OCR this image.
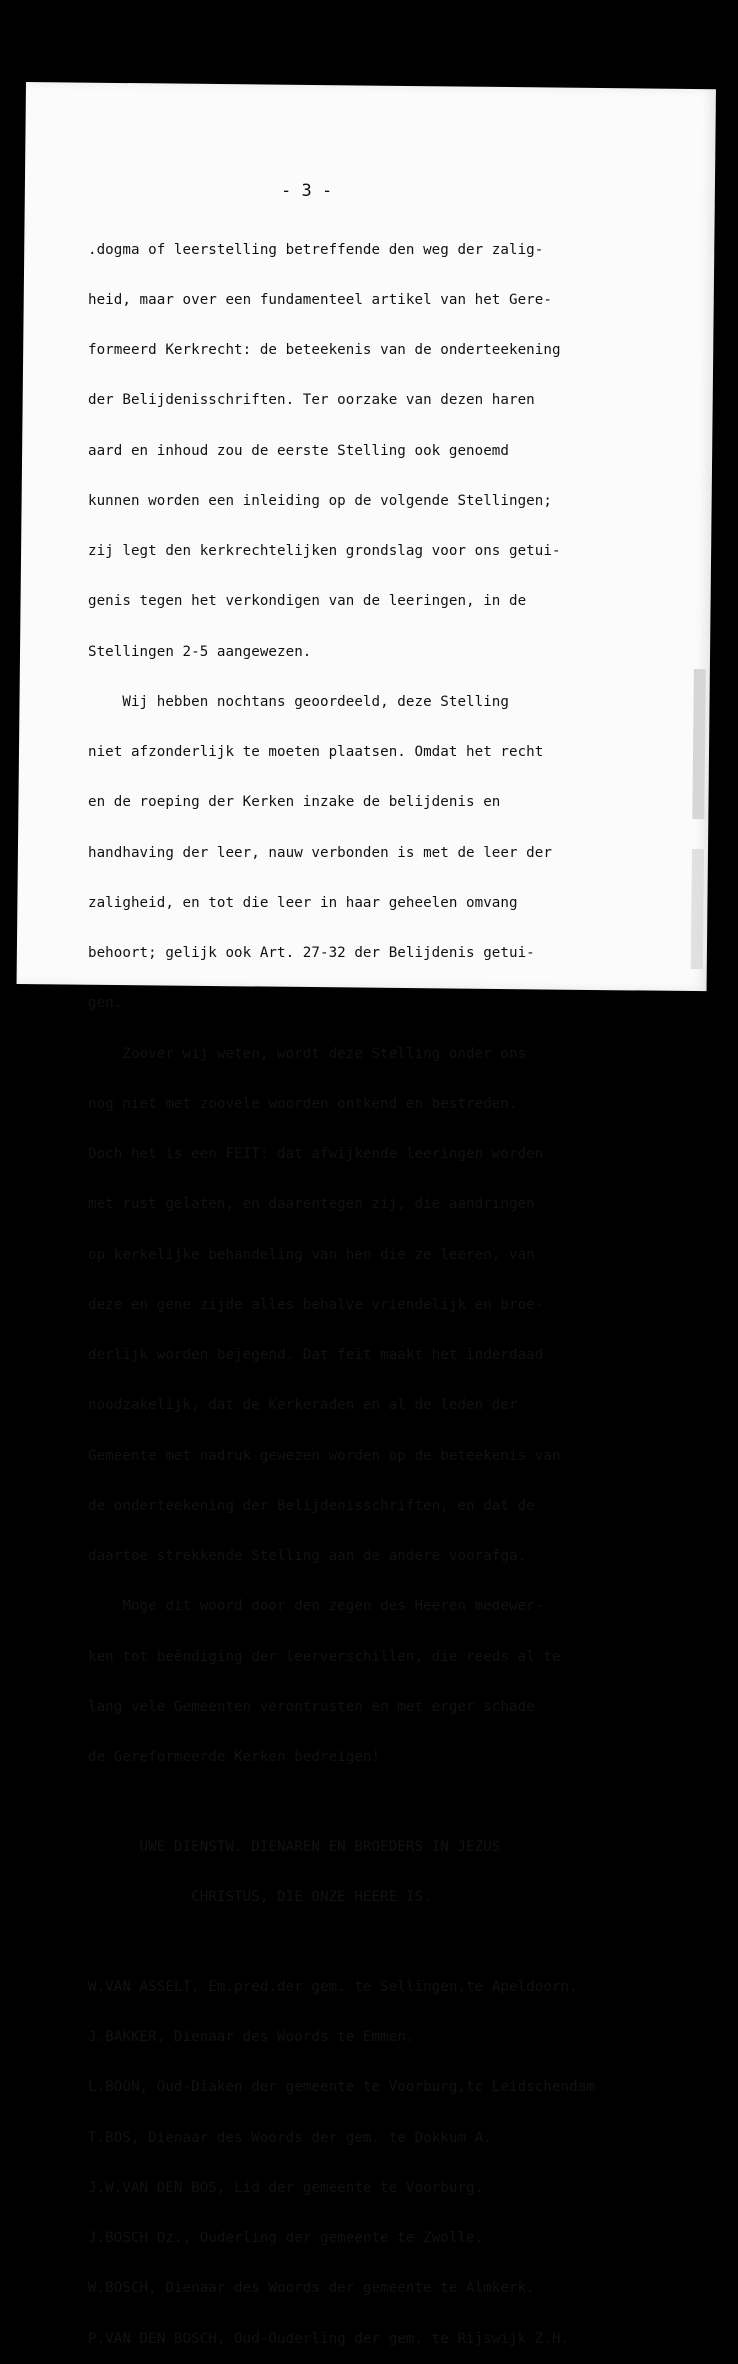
- 3 -

.dogma of leerstelling betreffende den weg der zalig-

heid, maar over een fundamenteel artikel van het Gere-

formeerd Kerkrecht: de beteekenis van de onderteekening

der Belijdenisschriften. Ter oorzake van dezen haren

aard en inhoud zou de eerste Stelling ook genoemd

kunnen worden een inleiding op de volgende Stellingen;

zij legt den kerkrechtelijken grondslag voor ons getui-

genis tegen het verkondigen van de leeringen, in de

Stellingen 2-5 aangewezen.

Wij hebben nochtans geoordeeld, deze Stelling

niet afzonderlijk te moeten plaatsen. Omdat het recht

en de roeping der Kerken inzake de belijdenis en

handhaving der leer, nauw verbonden is met de leer der

zaligheid, en tot die leer in haar geheelen omvang

behoort; gelijk ook Art. 27-32 der Belijdenis getui-

gen.

Zoover wij weten, wordt deze Stelling onder ons

nog niet met zoovele woorden ontkend en bestreden.

Doch het is een FEIT: dat afwijkende leeringen worden

met rust gelaten, en daarentegen zij, die aandringen

op kerkelijke behandeling van hen die ze leeren, van

deze en gene zijde alles behalve vriendelijk en broe-

derlijk worden bejegend. Dat feit maakt het inderdaad

noodzakelijk, dat de Kerkeraden en al de leden der

Gemeente met nadruk gewezen worden op de beteekenis van

de onderteekening der Belijdenisschriften, en dat de

daartoe strekkende Stelling aan de andere voorafga.

Moge dit woord door den zegen des Heeren medewer-

ken tot beëndiging der leerverschillen, die reeds al te

lang vele Gemeenten verontrusten en met erger schade

de Gereformeerde Kerken bedreigen!

UWE DIENSTW. DIENAREN EN BROEDERS IN JEZUS

CHRISTUS, DIE ONZE HEERE IS.

W.VAN ASSELT, Em.pred.der gem. te Sellingen,te Apeldoorn.

J.BAKKER, Dienaar des Woords te Emmen.

L.BOON, Oud-Diaken der gemeente te Voorburg,tc Leidschendam

T.BOS, Dienaar des Woords der gem. te Dokkum A.

J.W.VAN DEN BOS, Lid der gemeente te Voorburg.

J.BOSCH Oz., Ouderling der gemeente te Zwolle.

W.BOSCH, Dienaar des Woords der gemeente te Almkerk.

P.VAN DEN BOSCH, Oud-Ouderling der gem. te Rijswijk Z.H.
